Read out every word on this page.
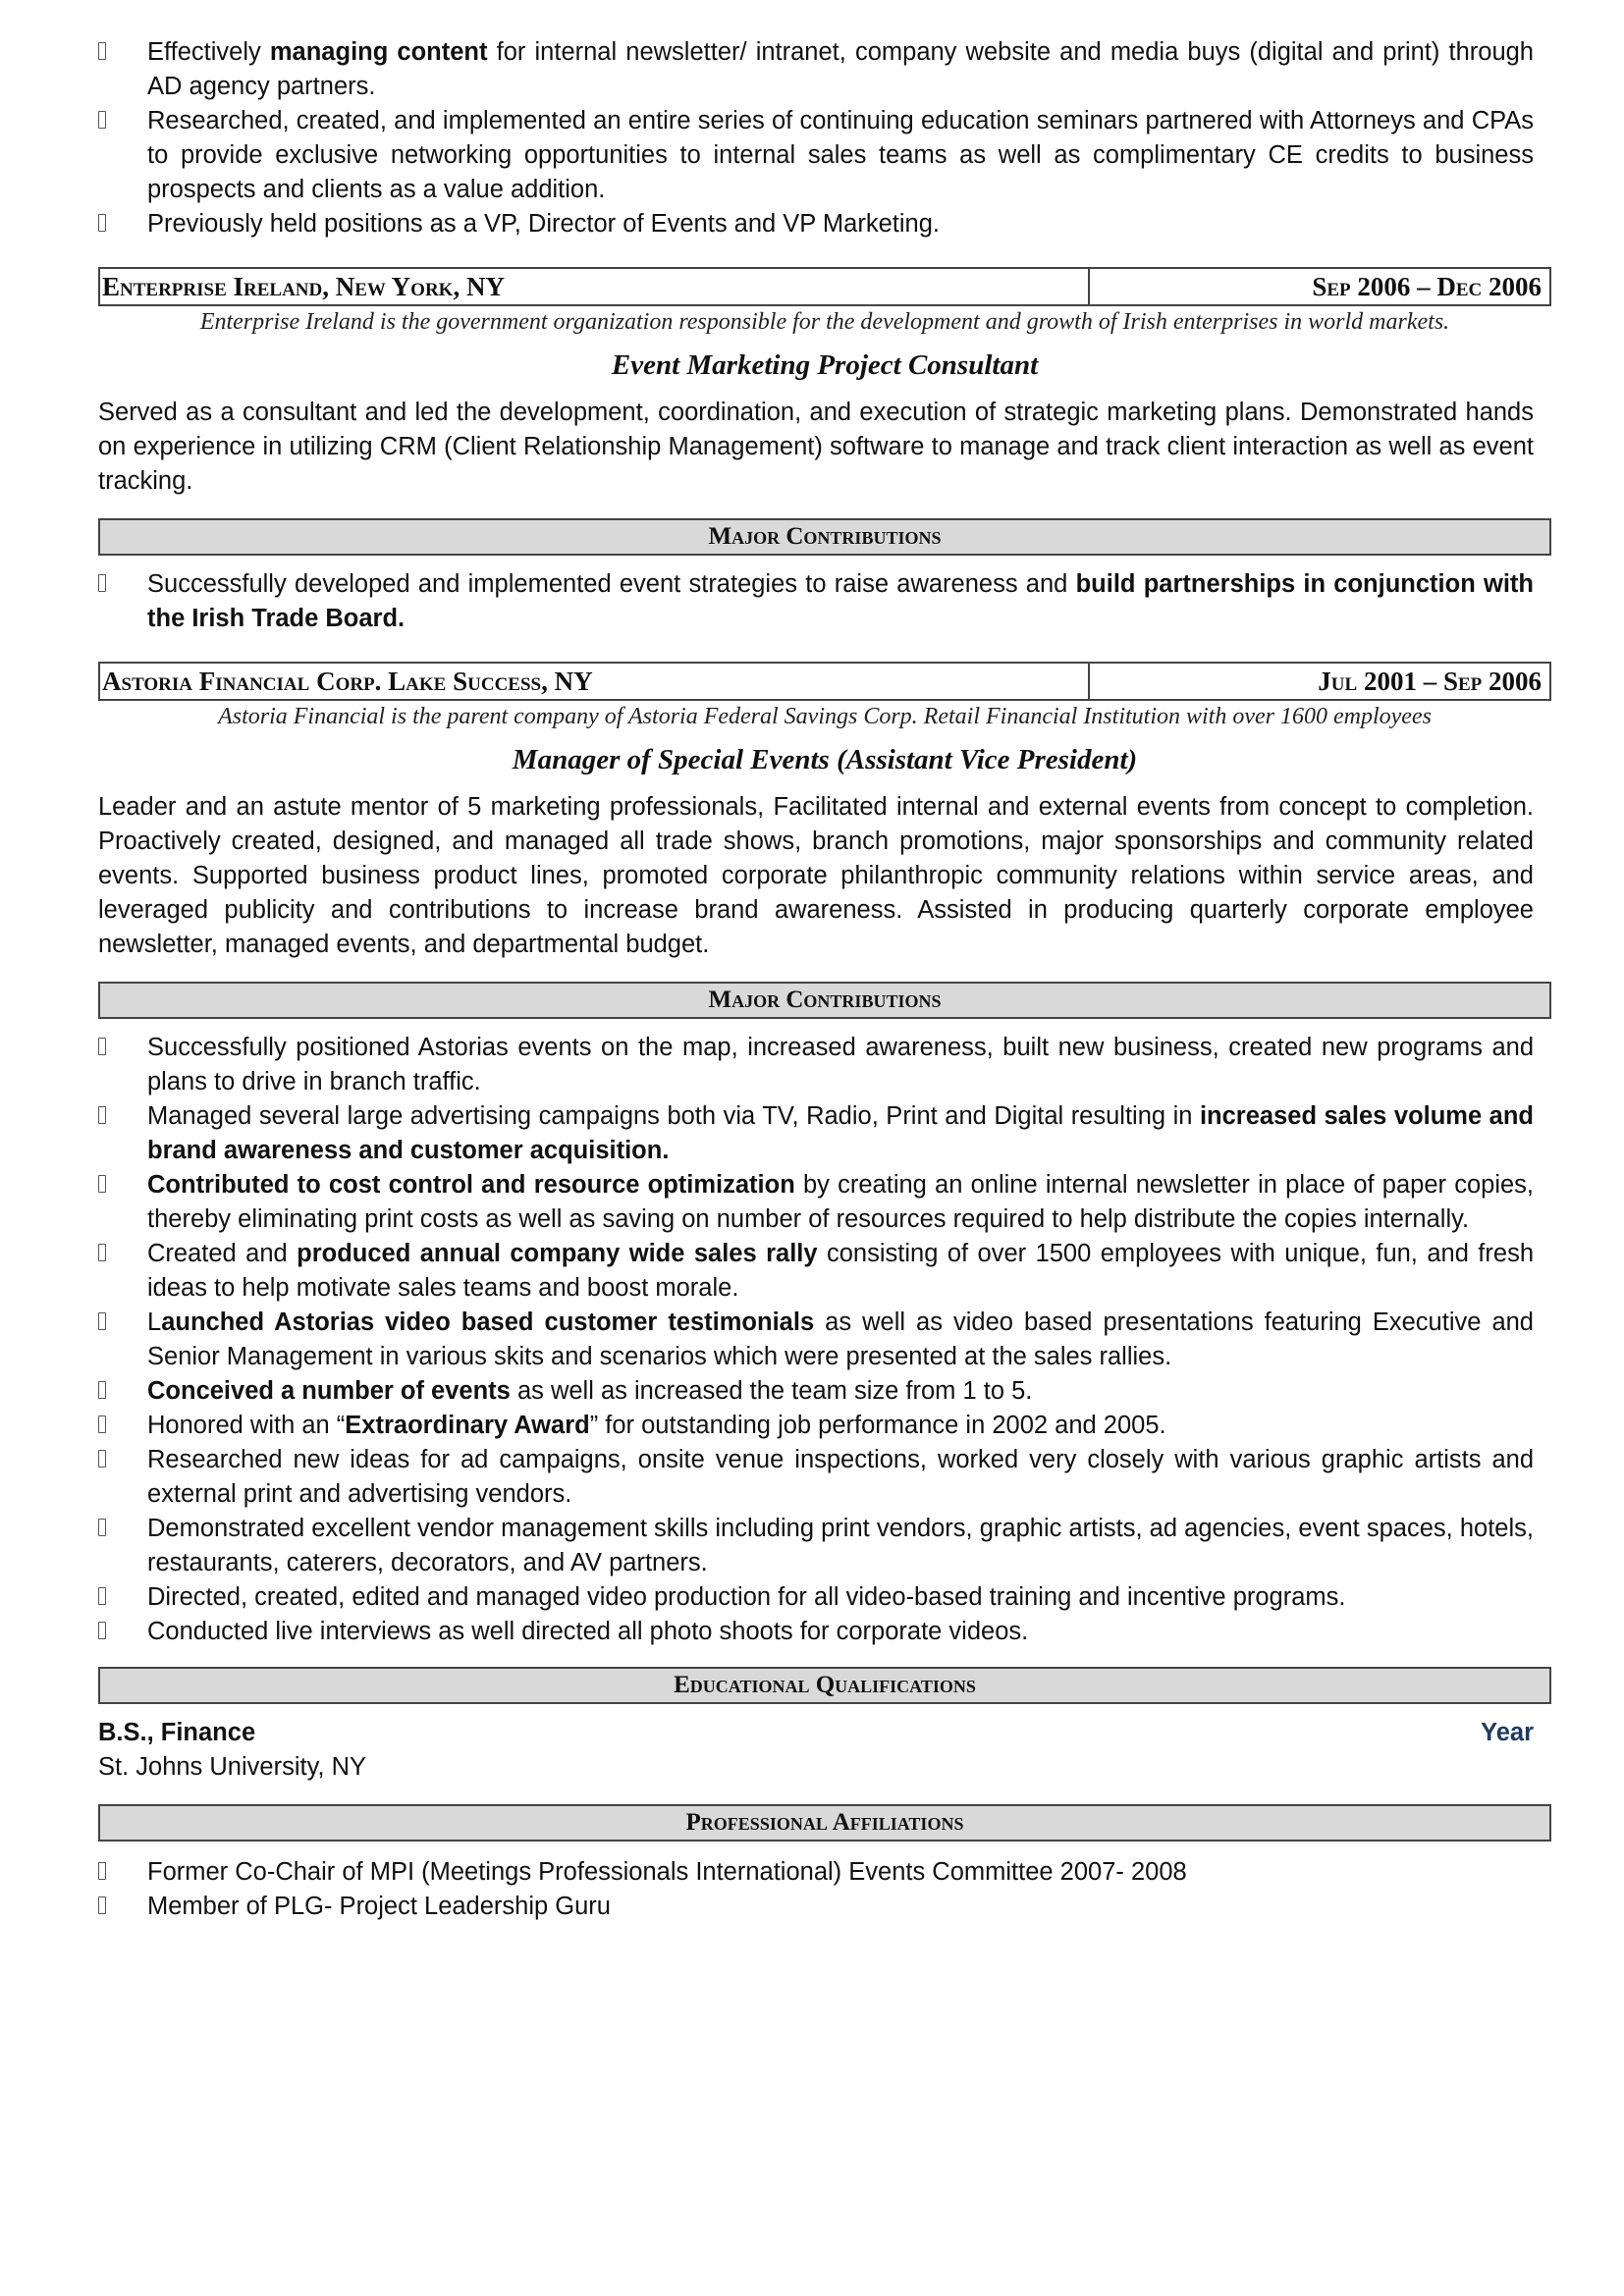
Effectively managing content for internal newsletter/ intranet, company website and media buys (digital and print) through AD agency partners.
Researched, created, and implemented an entire series of continuing education seminars partnered with Attorneys and CPAs to provide exclusive networking opportunities to internal sales teams as well as complimentary CE credits to business prospects and clients as a value addition.
Previously held positions as a VP, Director of Events and VP Marketing.
Enterprise Ireland, New York, NY	Sep 2006 – Dec 2006
Enterprise Ireland is the government organization responsible for the development and growth of Irish enterprises in world markets.
Event Marketing Project Consultant
Served as a consultant and led the development, coordination, and execution of strategic marketing plans. Demonstrated hands on experience in utilizing CRM (Client Relationship Management) software to manage and track client interaction as well as event tracking.
Major Contributions
Successfully developed and implemented event strategies to raise awareness and build partnerships in conjunction with the Irish Trade Board.
Astoria Financial Corp. Lake Success, NY	Jul 2001 – Sep 2006
Astoria Financial is the parent company of Astoria Federal Savings Corp. Retail Financial Institution with over 1600 employees
Manager of Special Events (Assistant Vice President)
Leader and an astute mentor of 5 marketing professionals, Facilitated internal and external events from concept to completion. Proactively created, designed, and managed all trade shows, branch promotions, major sponsorships and community related events. Supported business product lines, promoted corporate philanthropic community relations within service areas, and leveraged publicity and contributions to increase brand awareness. Assisted in producing quarterly corporate employee newsletter, managed events, and departmental budget.
Major Contributions
Successfully positioned Astorias events on the map, increased awareness, built new business, created new programs and plans to drive in branch traffic.
Managed several large advertising campaigns both via TV, Radio, Print and Digital resulting in increased sales volume and brand awareness and customer acquisition.
Contributed to cost control and resource optimization by creating an online internal newsletter in place of paper copies, thereby eliminating print costs as well as saving on number of resources required to help distribute the copies internally.
Created and produced annual company wide sales rally consisting of over 1500 employees with unique, fun, and fresh ideas to help motivate sales teams and boost morale.
Launched Astorias video based customer testimonials as well as video based presentations featuring Executive and Senior Management in various skits and scenarios which were presented at the sales rallies.
Conceived a number of events as well as increased the team size from 1 to 5.
Honored with an “Extraordinary Award” for outstanding job performance in 2002 and 2005.
Researched new ideas for ad campaigns, onsite venue inspections, worked very closely with various graphic artists and external print and advertising vendors.
Demonstrated excellent vendor management skills including print vendors, graphic artists, ad agencies, event spaces, hotels, restaurants, caterers, decorators, and AV partners.
Directed, created, edited and managed video production for all video-based training and incentive programs.
Conducted live interviews as well directed all photo shoots for corporate videos.
Educational Qualifications
B.S., Finance	Year
St. Johns University, NY
Professional Affiliations
Former Co-Chair of MPI (Meetings Professionals International) Events Committee 2007- 2008
Member of PLG- Project Leadership Guru
